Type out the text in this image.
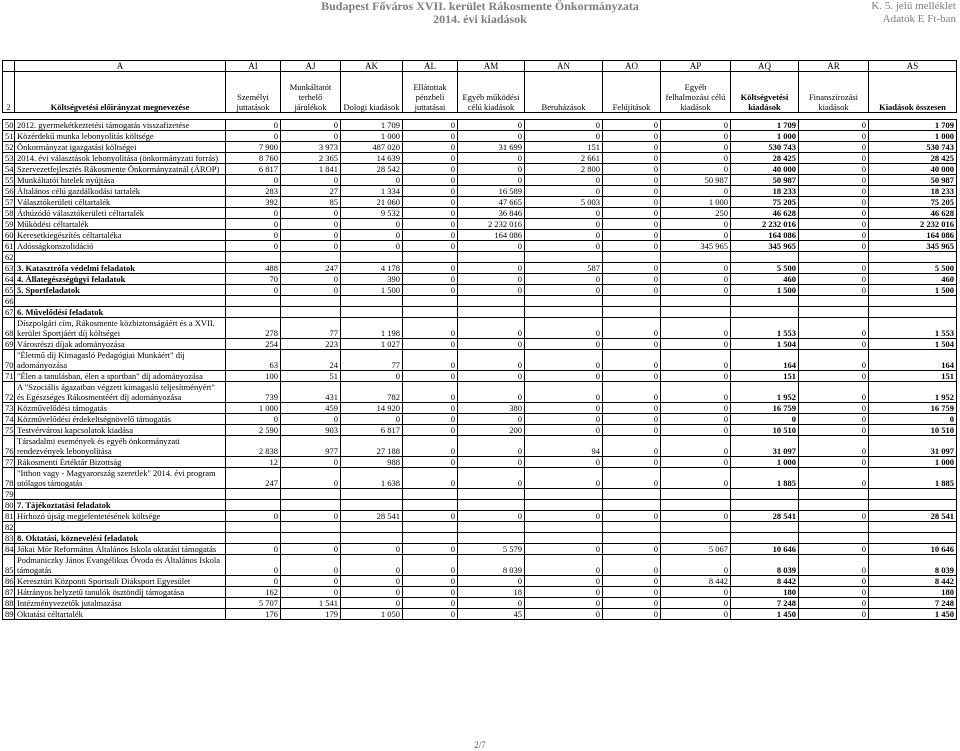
Budapest Főváros XVII. kerület Rákosmente Önkormányzata
2014. évi kiadások
K. 5. jelű melléklet
Adatok E Ft-ban
	A	AI	AJ	AK	AL	AM	AN	AO	AP	AQ	AR	AS
2	Költségvetési előirányzat megnevezése	Személyi juttatások	Munkáltatót terhelő járulékok	Dologi kiadások	Ellátottak pénzbeli juttatásai	Egyéb működési célú kiadások	Beruházások	Felújítások	Egyéb felhalmozási célú kiadások	Költségvetési kiadások	Finanszírozási kiadások	Kiadások összesen

50	2012. gyermekétkeztetési támogatás visszafizetése	0	0	1 709	0	0	0	0	0	1 709	0	1 709
51	Közérdekű munka lebonyolítás költsége	0	0	1 000	0	0	0	0	0	1 000	0	1 000
52	Önkormányzat igazgatási költségei	7 900	3 973	487 020	0	31 699	151	0	0	530 743	0	530 743
53	2014. évi választások lebonyolítása (önkormányzati forrás)	8 760	2 365	14 639	0	0	2 661	0	0	28 425	0	28 425
54	Szervezetfejlesztés Rákosmente Önkormányzatnál (ÁROP)	6 817	1 841	28 542	0	0	2 800	0	0	40 000	0	40 000
55	Munkáltatói hitelek nyújtása	0	0	0	0	0	0	0	50 987	50 987	0	50 987
56	Általános célú gazdálkodási tartalék	283	27	1 334	0	16 589	0	0	0	18 233	0	18 233
57	Választókerületi céltartalék	392	85	21 060	0	47 665	5 003	0	1 000	75 205	0	75 205
58	Áthúzódó választókerületi céltartalék	0	0	9 532	0	36 846	0	0	250	46 628	0	46 628
59	Működési céltartalék	0	0	0	0	2 232 016	0	0	0	2 232 016	0	2 232 016
60	Keresetkiegészítés céltartaléka	0	0	0	0	164 086	0	0	0	164 086	0	164 086
61	Adósságkonszolidáció	0	0	0	0	0	0	0	345 965	345 965	0	345 965
62												
63	3. Katasztrófa védelmi feladatok	488	247	4 178	0	0	587	0	0	5 500	0	5 500
64	4. Állategészségügyi feladatok	70	0	390	0	0	0	0	0	460	0	460
65	5. Sportfeladatok	0	0	1 500	0	0	0	0	0	1 500	0	1 500
66												
67	6. Művelődési feladatok											
68	Díszpolgári cím, Rákosmente közbiztonságáért és a XVII. kerület Sportjáért díj költségei	278	77	1 198	0	0	0	0	0	1 553	0	1 553
69	Városrészi díjak adományozása	254	223	1 027	0	0	0	0	0	1 504	0	1 504
70	"Életmű díj Kimagasló Pedagógiai Munkáért" díj adományozása	63	24	77	0	0	0	0	0	164	0	164
71	"Élen a tanulásban, élen a sportban" díj adományozása	100	51	0	0	0	0	0	0	151	0	151
72	A "Szociális ágazatban végzett kimagasló teljesítményért" és Egészséges Rákosmentéért díj adományozása	739	431	782	0	0	0	0	0	1 952	0	1 952
73	Közművelődési támogatás	1 000	459	14 920	0	380	0	0	0	16 759	0	16 759
74	Közművelődési érdekeltségnövelő támogatás	0	0	0	0	0	0	0	0	0	0	0
75	Testvérvárosi kapcsolatok kiadása	2 590	903	6 817	0	200	0	0	0	10 510	0	10 510
76	Társadalmi események és egyéb önkormányzati rendezvények lebonyolítása	2 838	977	27 188	0	0	94	0	0	31 097	0	31 097
77	Rákosmenti Értéktár Bizottság	12	0	988	0	0	0	0	0	1 000	0	1 000
78	"Itthon vagy - Magyarország szeretlek" 2014. évi program utólagos támogatás	247	0	1 638	0	0	0	0	0	1 885	0	1 885
79												
80	7. Tájékoztatási feladatok											
81	Hírhozó újság megjelentetésének költsége	0	0	28 541	0	0	0	0	0	28 541	0	28 541
82												
83	8. Oktatási, köznevelési feladatok											
84	Jókai Mór Református Általános Iskola oktatási támogatás	0	0	0	0	5 579	0	0	5 067	10 646	0	10 646
85	Podmaniczky János Evangélikus Óvoda és Általános Iskola támogatás	0	0	0	0	8 039	0	0	0	8 039	0	8 039
86	Keresztúri Központi Sportsuli Diáksport Egyesület	0	0	0	0	0	0	0	8 442	8 442	0	8 442
87	Hátrányos helyzetű tanulók ösztöndíj támogatása	162	0	0	0	18	0	0	0	180	0	180
88	Intézményvezetők jutalmazása	5 707	1 541	0	0	0	0	0	0	7 248	0	7 248
89	Oktatási céltartalék	176	179	1 050	0	45	0	0	0	1 450	0	1 450
2/7
